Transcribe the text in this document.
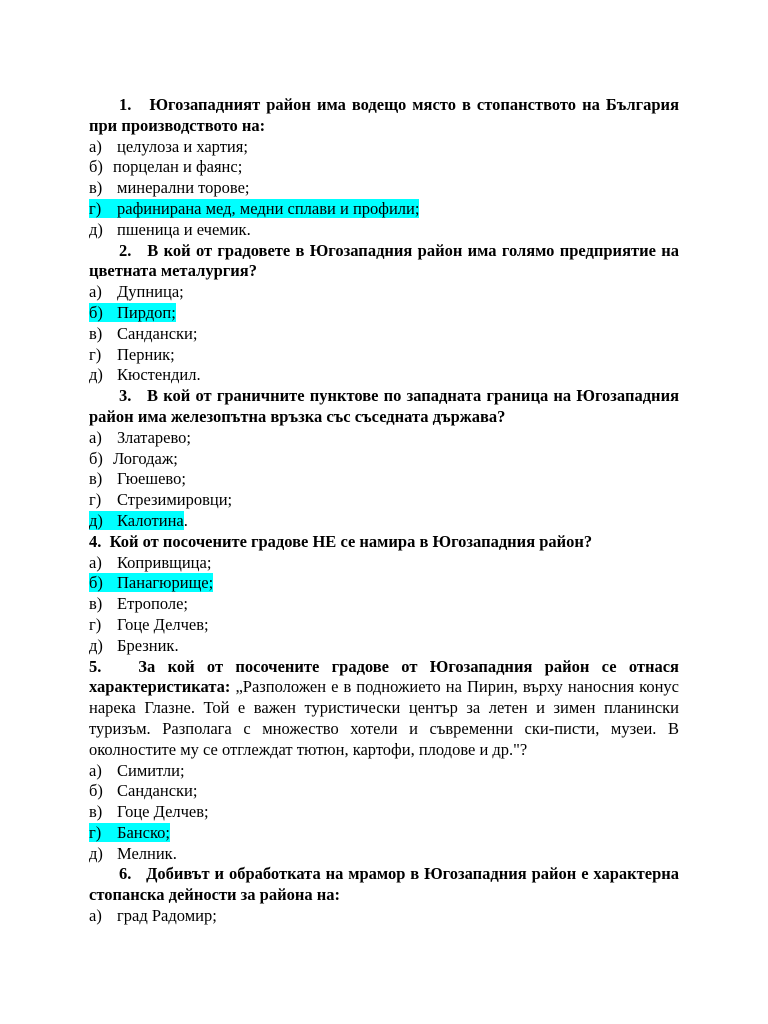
1.   Югозападният район има водещо място в стопанството на България при производството на:
а) целулоза и хартия;
б) порцелан и фаянс;
в) минерални торове;
г) рафинирана мед, медни сплави и профили;
д) пшеница и ечемик.
2.   В кой от градовете в Югозападния район има голямо предприятие на цветната металургия?
а) Дупница;
б) Пирдоп;
в) Сандански;
г) Перник;
д) Кюстендил.
3.   В кой от граничните пунктове по западната граница на Югозападния район има железопътна връзка със съседната държава?
а) Златарево;
б) Логодаж;
в) Гюешево;
г) Стрезимировци;
д) Калотина.
4.  Кой от посочените градове НЕ се намира в Югозападния район?
а) Копривщица;
б) Панагюрище;
в) Етрополе;
г) Гоце Делчев;
д) Брезник.
5.   За кой от посочените градове от Югозападния район се отнася характеристиката: „Разположен е в подножието на Пирин, върху наносния конус нарека Глазне. Той е важен туристически център за летен и зимен планински туризъм. Разполага с множество хотели и съвременни ски-писти, музеи. В околностите му се отглеждат тютюн, картофи, плодове и др."?
а) Симитли;
б) Сандански;
в) Гоце Делчев;
г) Банско;
д) Мелник.
6.   Добивът и обработката на мрамор в Югозападния район е характерна стопанска дейности за района на:
а) град Радомир;
